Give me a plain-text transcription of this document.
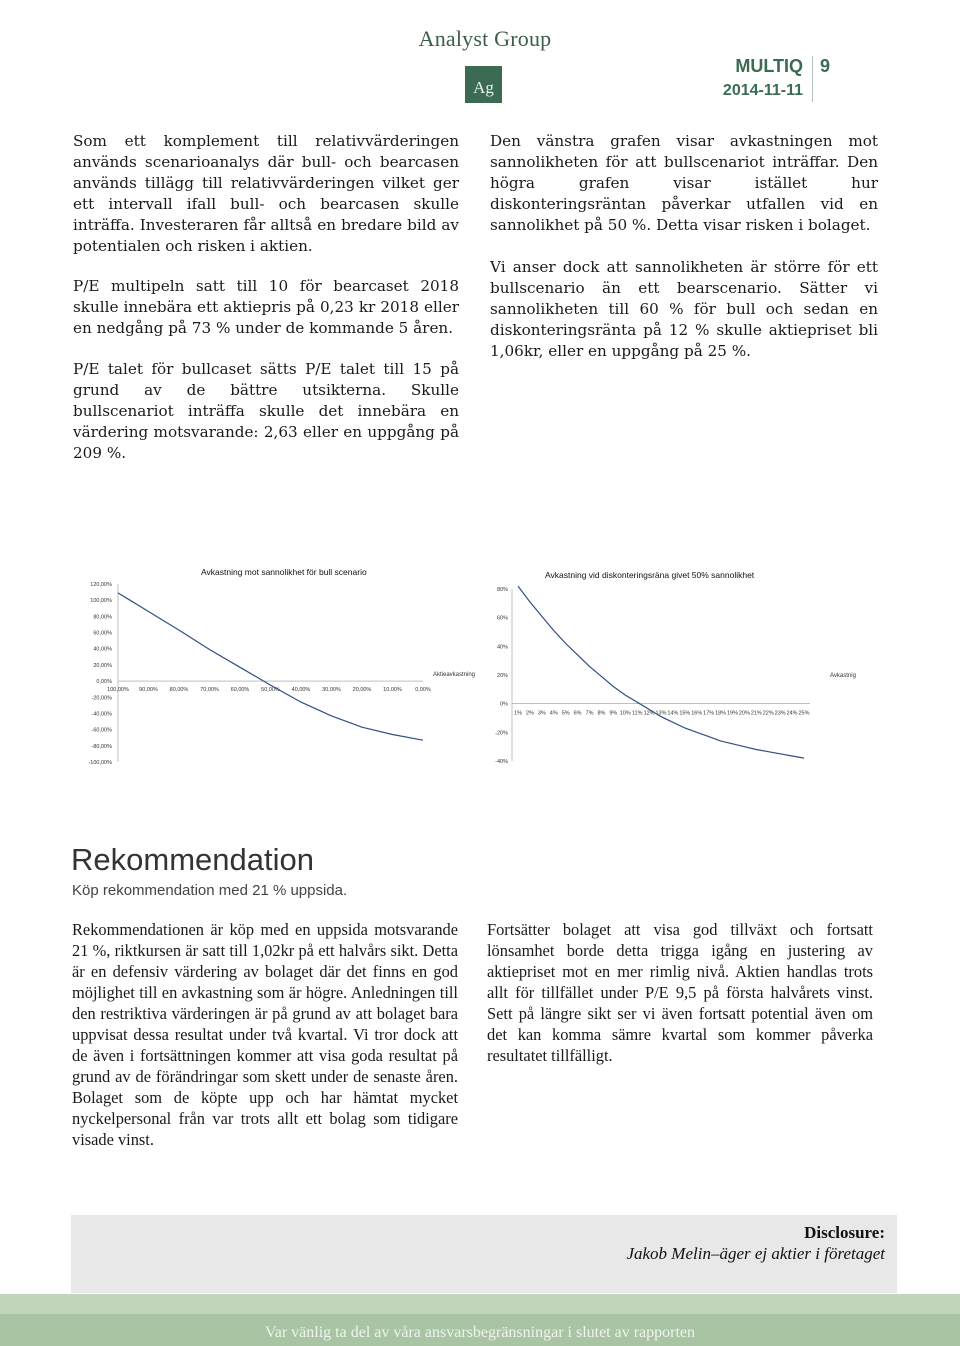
Analyst Group
Ag
MULTIQ
2014-11-11
9
Som ett komplement till relativvärderingen används scenarioanalys där bull- och bearcasen används tillägg till relativvärderingen vilket ger ett intervall ifall bull- och bearcasen skulle inträffa. Investeraren får alltså en bredare bild av potentialen och risken i aktien.
P/E multipeln satt till 10 för bearcaset 2018 skulle innebära ett aktiepris på 0,23 kr 2018 eller en nedgång på 73 % under de kommande 5 åren.
P/E talet för bullcaset sätts P/E talet till 15 på grund av de bättre utsikterna. Skulle bullscenariot inträffa skulle det innebära en värdering motsvarande: 2,63 eller en uppgång på 209 %.
Den vänstra grafen visar avkastningen mot sannolikheten för att bullscenariot inträffar. Den högra grafen visar istället hur diskonteringsräntan påverkar utfallen vid en sannolikhet på 50 %. Detta visar risken i bolaget.
Vi anser dock att sannolikheten är större för ett bullscenario än ett bearscenario. Sätter vi sannolikheten till 60 % för bull och sedan en diskonteringsränta på 12 % skulle aktiepriset bli 1,06kr, eller en uppgång på 25 %.
Avkastning mot sannolikhet för bull scenario
120,00%
100,00%
80,00%
60,00%
40,00%
20,00%
0,00%
-20,00%
-40,00%
-60,00%
-80,00%
-100,00%
100,00% 90,00% 80,00% 70,00% 60,00% 50,00% 40,00% 30,00% 20,00% 10,00% 0,00%
Aktieavkastning
Avkastning vid diskonteringsräna givet 50% sannolikhet
80%
60%
40%
20%
0%
-20%
-40%
1% 2% 3% 4% 5% 6% 7% 8% 9% 10% 11% 12% 13% 14% 15% 16% 17% 18% 19% 20% 21% 22% 23% 24% 25%
Avkastnig
Rekommendation
Köp rekommendation med 21 % uppsida.
Rekommendationen är köp med en uppsida motsvarande 21 %, riktkursen är satt till 1,02kr på ett halvårs sikt. Detta är en defensiv värdering av bolaget där det finns en god möjlighet till en avkastning som är högre. Anledningen till den restriktiva värderingen är på grund av att bolaget bara uppvisat dessa resultat under två kvartal. Vi tror dock att de även i fortsättningen kommer att visa goda resultat på grund av de förändringar som skett under de senaste åren. Bolaget som de köpte upp och har hämtat mycket nyckelpersonal från var trots allt ett bolag som tidigare visade vinst.
Fortsätter bolaget att visa god tillväxt och fortsatt lönsamhet borde detta trigga igång en justering av aktiepriset mot en mer rimlig nivå. Aktien handlas trots allt för tillfället under P/E 9,5 på första halvårets vinst. Sett på längre sikt ser vi även fortsatt potential även om det kan komma sämre kvartal som kommer påverka resultatet tillfälligt.
Disclosure:
Jakob Melin–äger ej aktier i företaget
Var vänlig ta del av våra ansvarsbegränsningar i slutet av rapporten
